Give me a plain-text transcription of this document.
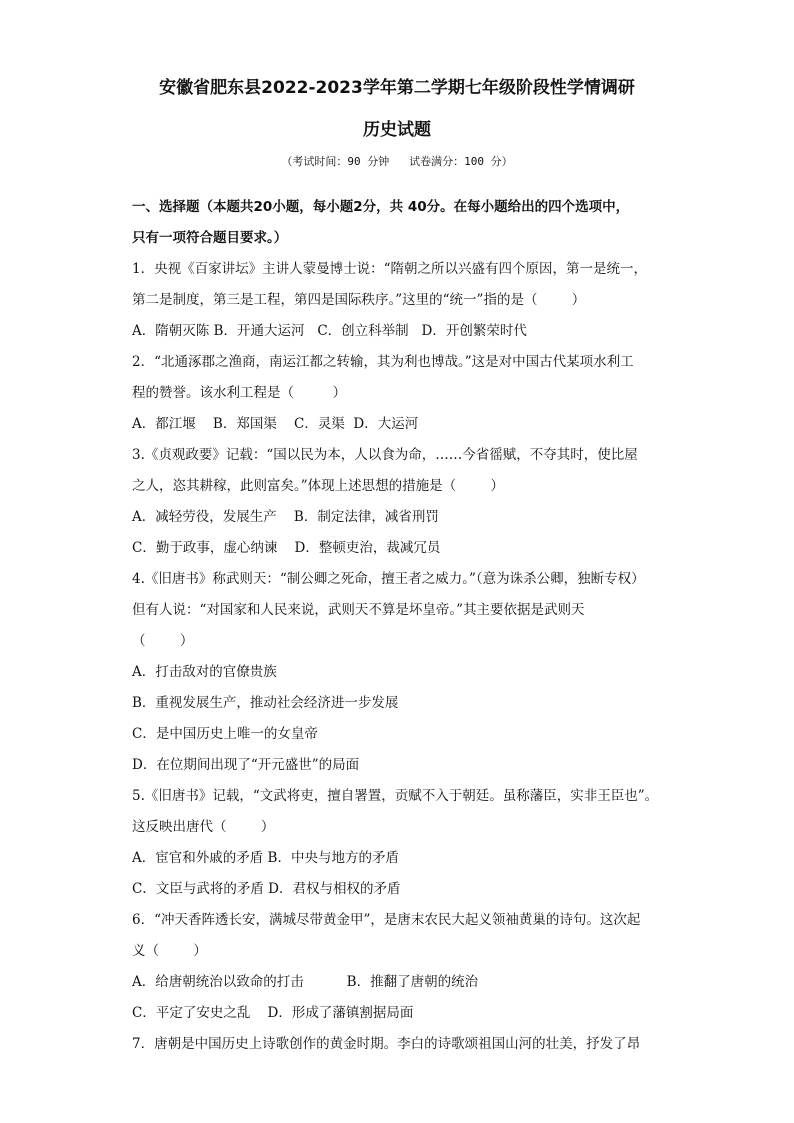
安徽省肥东县2022-2023学年第二学期七年级阶段性学情调研
历史试题
（考试时间：90 分钟   试卷满分：100 分）
一、选择题（本题共20小题，每小题2分，共 40分。在每小题给出的四个选项中，
只有一项符合题目要求。）
1．央视《百家讲坛》主讲人蒙曼博士说：“隋朝之所以兴盛有四个原因，第一是统一，
第二是制度，第三是工程，第四是国际秩序。”这里的“统一”指的是（        ）
A．隋朝灭陈 B．开通大运河   C．创立科举制   D．开创繁荣时代
2．“北通涿郡之渔商，南运江都之转输，其为利也博哉。”这是对中国古代某项水利工
程的赞誉。该水利工程是（         ）
A．都江堰    B．郑国渠    C．灵渠  D．大运河
3.《贞观政要》记载：“国以民为本，人以食为命，……今省徭赋，不夺其时，使比屋
之人，恣其耕稼，此则富矣。”体现上述思想的措施是（        ）
A．减轻劳役，发展生产    B．制定法律，减省刑罚
C．勤于政事，虚心纳谏    D．整顿吏治，裁减冗员
4.《旧唐书》称武则天：“制公卿之死命，擅王者之威力。”（意为诛杀公卿，独断专权）
但有人说：“对国家和人民来说，武则天不算是坏皇帝。”其主要依据是武则天
（        ）
A．打击敌对的官僚贵族
B．重视发展生产，推动社会经济进一步发展
C．是中国历史上唯一的女皇帝
D．在位期间出现了“开元盛世”的局面
5.《旧唐书》记载，“文武将吏，擅自署置，贡赋不入于朝廷。虽称藩臣，实非王臣也”。
这反映出唐代（        ）
A．宦官和外戚的矛盾 B．中央与地方的矛盾
C．文臣与武将的矛盾 D．君权与相权的矛盾
6．“冲天香阵透长安，满城尽带黄金甲”，是唐末农民大起义领袖黄巢的诗句。这次起
义（        ）
A．给唐朝统治以致命的打击          B．推翻了唐朝的统治
C．平定了安史之乱    D．形成了藩镇割据局面
7．唐朝是中国历史上诗歌创作的黄金时期。李白的诗歌颂祖国山河的壮美，抒发了昂
